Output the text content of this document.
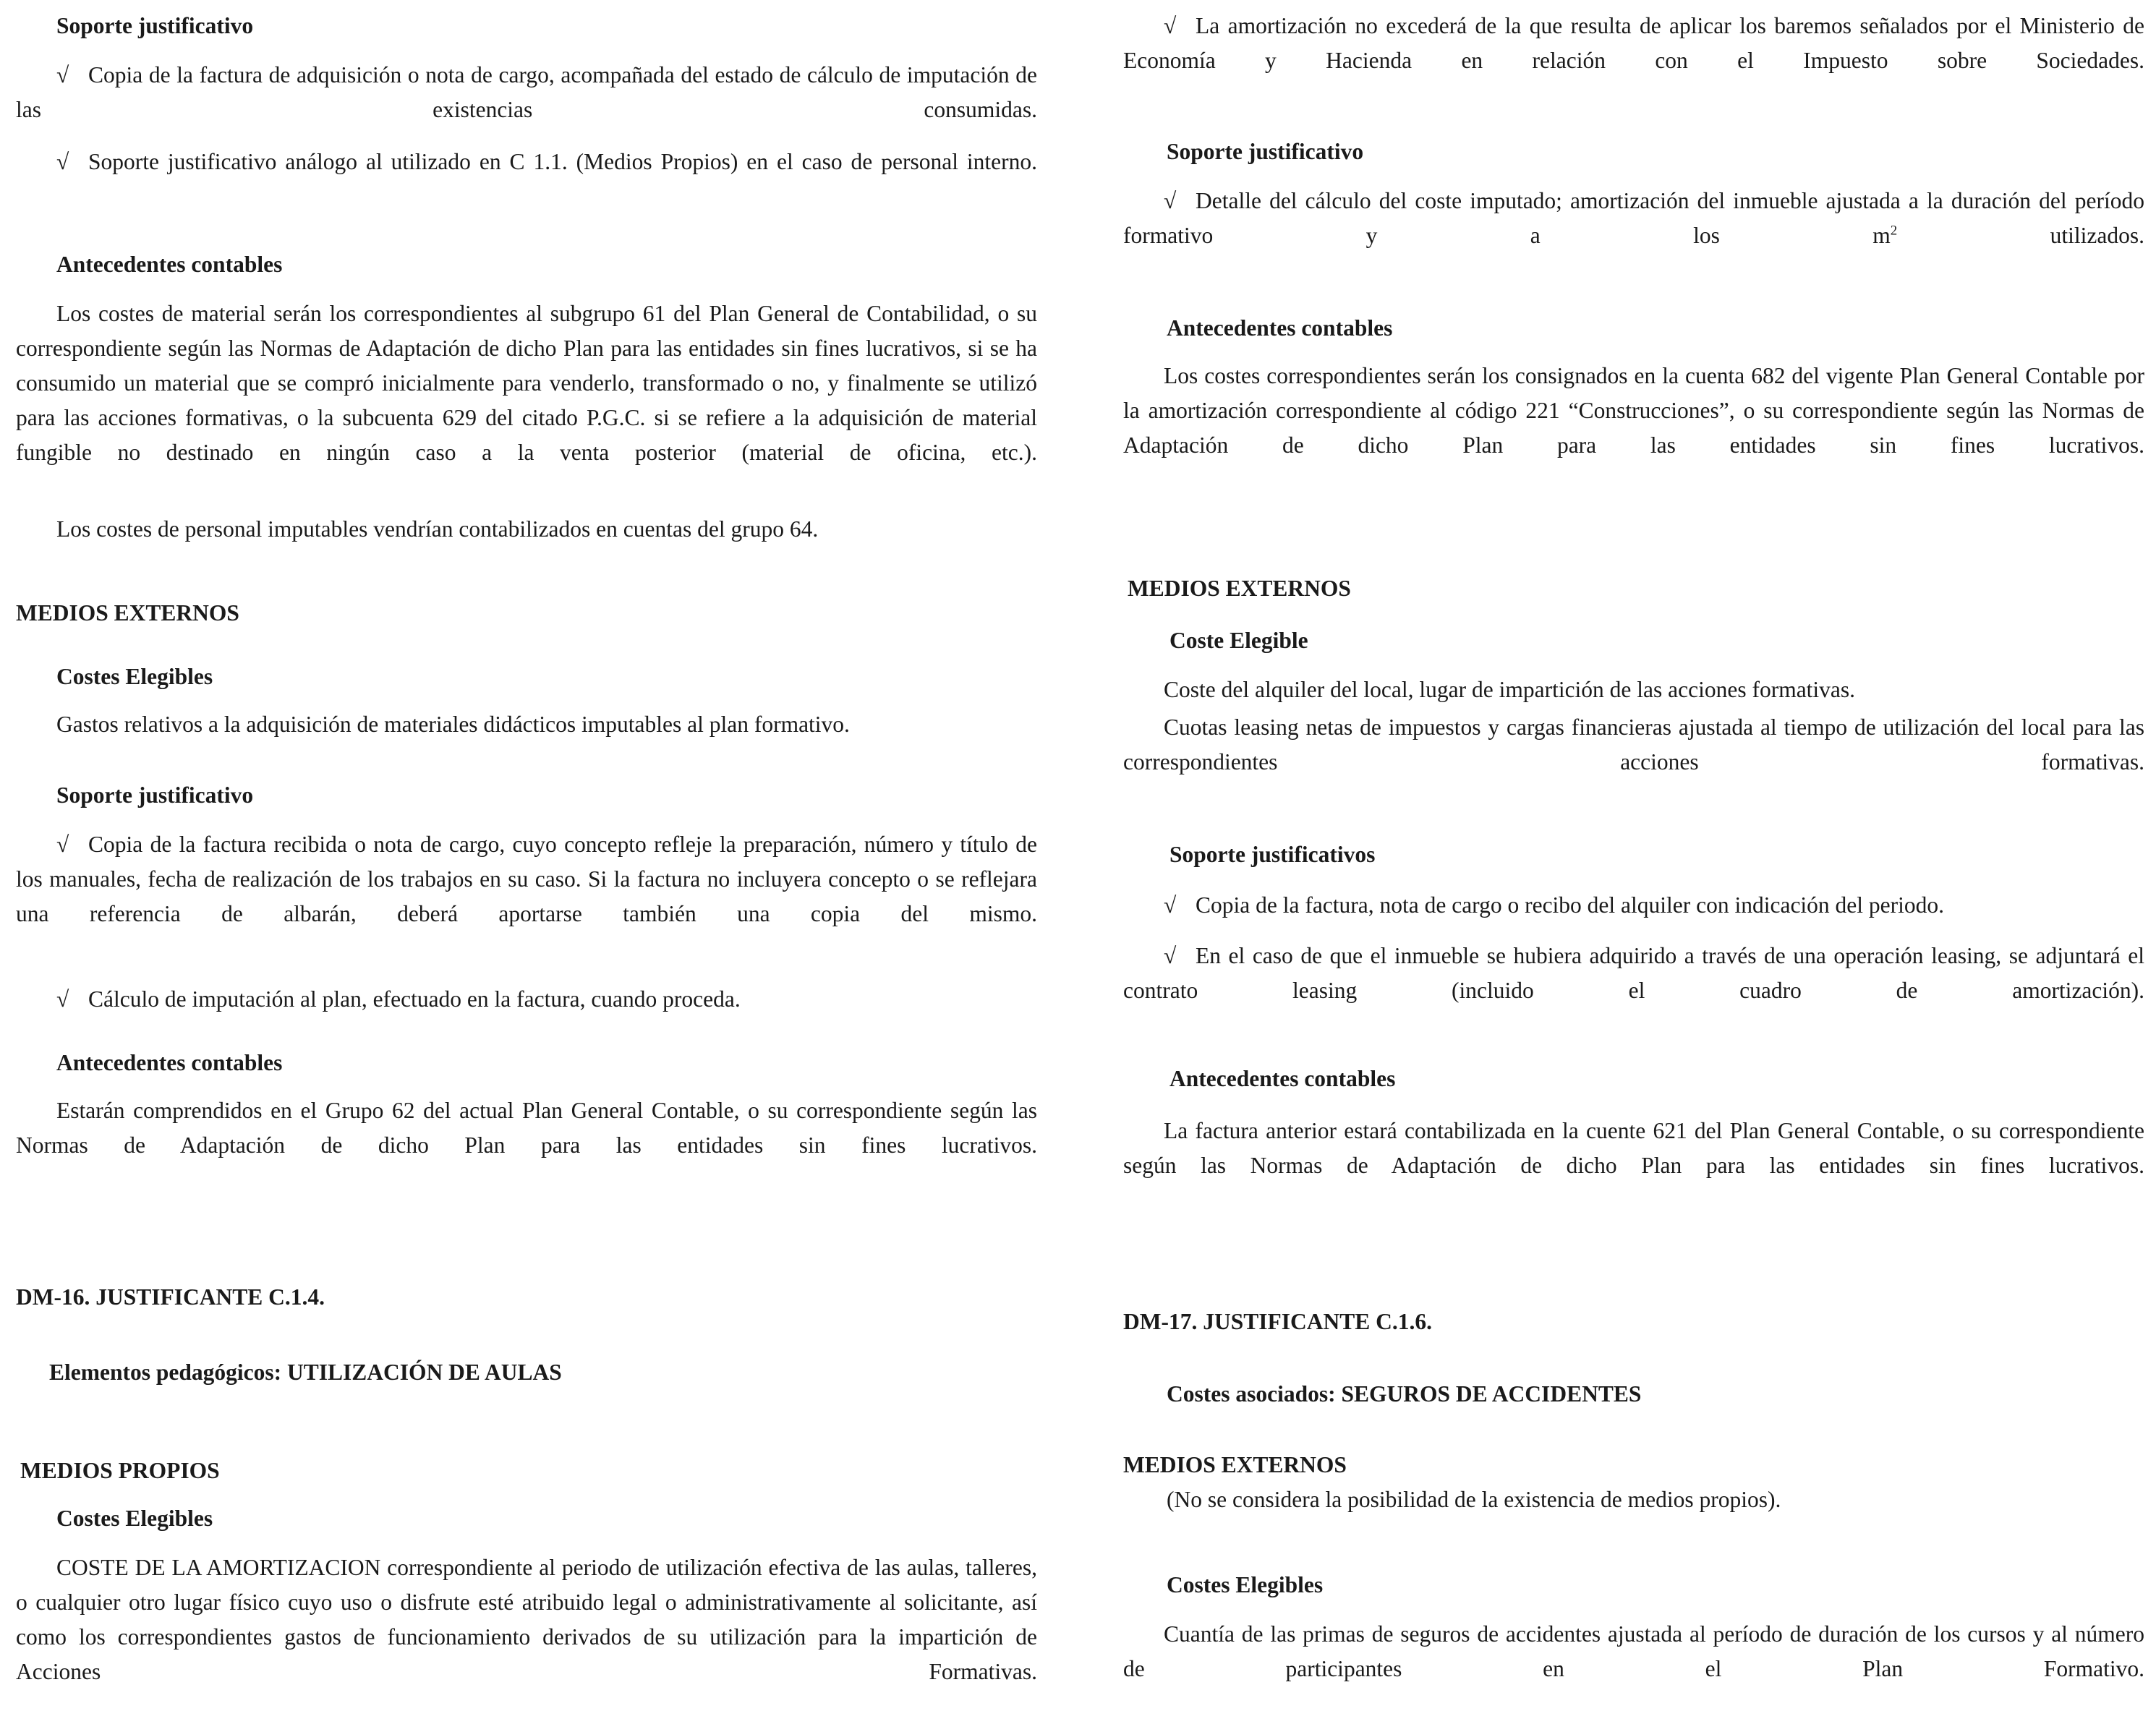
Soporte justificativo
√ Copia de la factura de adquisición o nota de cargo, acompañada del estado de cálculo de imputación de las existencias consumidas.
√ Soporte justificativo análogo al utilizado en C 1.1. (Medios Propios) en el caso de personal interno.
Antecedentes contables
Los costes de material serán los correspondientes al subgrupo 61 del Plan General de Contabilidad, o su correspondiente según las Normas de Adaptación de dicho Plan para las entidades sin fines lucrativos, si se ha consumido un material que se compró inicialmente para venderlo, transformado o no, y finalmente se utilizó para las acciones formativas, o la subcuenta 629 del citado P.G.C. si se refiere a la adquisición de material fungible no destinado en ningún caso a la venta posterior (material de oficina, etc.).
Los costes de personal imputables vendrían contabilizados en cuentas del grupo 64.
MEDIOS EXTERNOS
Costes Elegibles
Gastos relativos a la adquisición de materiales didácticos imputables al plan formativo.
Soporte justificativo
√ Copia de la factura recibida o nota de cargo, cuyo concepto refleje la preparación, número y título de los manuales, fecha de realización de los trabajos en su caso. Si la factura no incluyera concepto o se reflejara una referencia de albarán, deberá aportarse también una copia del mismo.
√ Cálculo de imputación al plan, efectuado en la factura, cuando proceda.
Antecedentes contables
Estarán comprendidos en el Grupo 62 del actual Plan General Contable, o su correspondiente según las Normas de Adaptación de dicho Plan para las entidades sin fines lucrativos.
DM-16. JUSTIFICANTE C.1.4.
Elementos pedagógicos: UTILIZACIÓN DE AULAS
MEDIOS PROPIOS
Costes Elegibles
COSTE DE LA AMORTIZACION correspondiente al periodo de utilización efectiva de las aulas, talleres, o cualquier otro lugar físico cuyo uso o disfrute esté atribuido legal o administrativamente al solicitante, así como los correspondientes gastos de funcionamiento derivados de su utilización para la impartición de Acciones Formativas.
√ La amortización no excederá de la que resulta de aplicar los baremos señalados por el Ministerio de Economía y Hacienda en relación con el Impuesto sobre Sociedades.
Soporte justificativo
√ Detalle del cálculo del coste imputado; amortización del inmueble ajustada a la duración del período formativo y a los $m^2$ utilizados.
Antecedentes contables
Los costes correspondientes serán los consignados en la cuenta 682 del vigente Plan General Contable por la amortización correspondiente al código 221 “Construcciones”, o su correspondiente según las Normas de Adaptación de dicho Plan para las entidades sin fines lucrativos.
MEDIOS EXTERNOS
Coste Elegible
Coste del alquiler del local, lugar de impartición de las acciones formativas.
Cuotas leasing netas de impuestos y cargas financieras ajustada al tiempo de utilización del local para las correspondientes acciones formativas.
Soporte justificativos
√ Copia de la factura, nota de cargo o recibo del alquiler con indicación del periodo.
√ En el caso de que el inmueble se hubiera adquirido a través de una operación leasing, se adjuntará el contrato leasing (incluido el cuadro de amortización).
Antecedentes contables
La factura anterior estará contabilizada en la cuente 621 del Plan General Contable, o su correspondiente según las Normas de Adaptación de dicho Plan para las entidades sin fines lucrativos.
DM-17. JUSTIFICANTE C.1.6.
Costes asociados: SEGUROS DE ACCIDENTES
MEDIOS EXTERNOS
(No se considera la posibilidad de la existencia de medios propios).
Costes Elegibles
Cuantía de las primas de seguros de accidentes ajustada al período de duración de los cursos y al número de participantes en el Plan Formativo.
